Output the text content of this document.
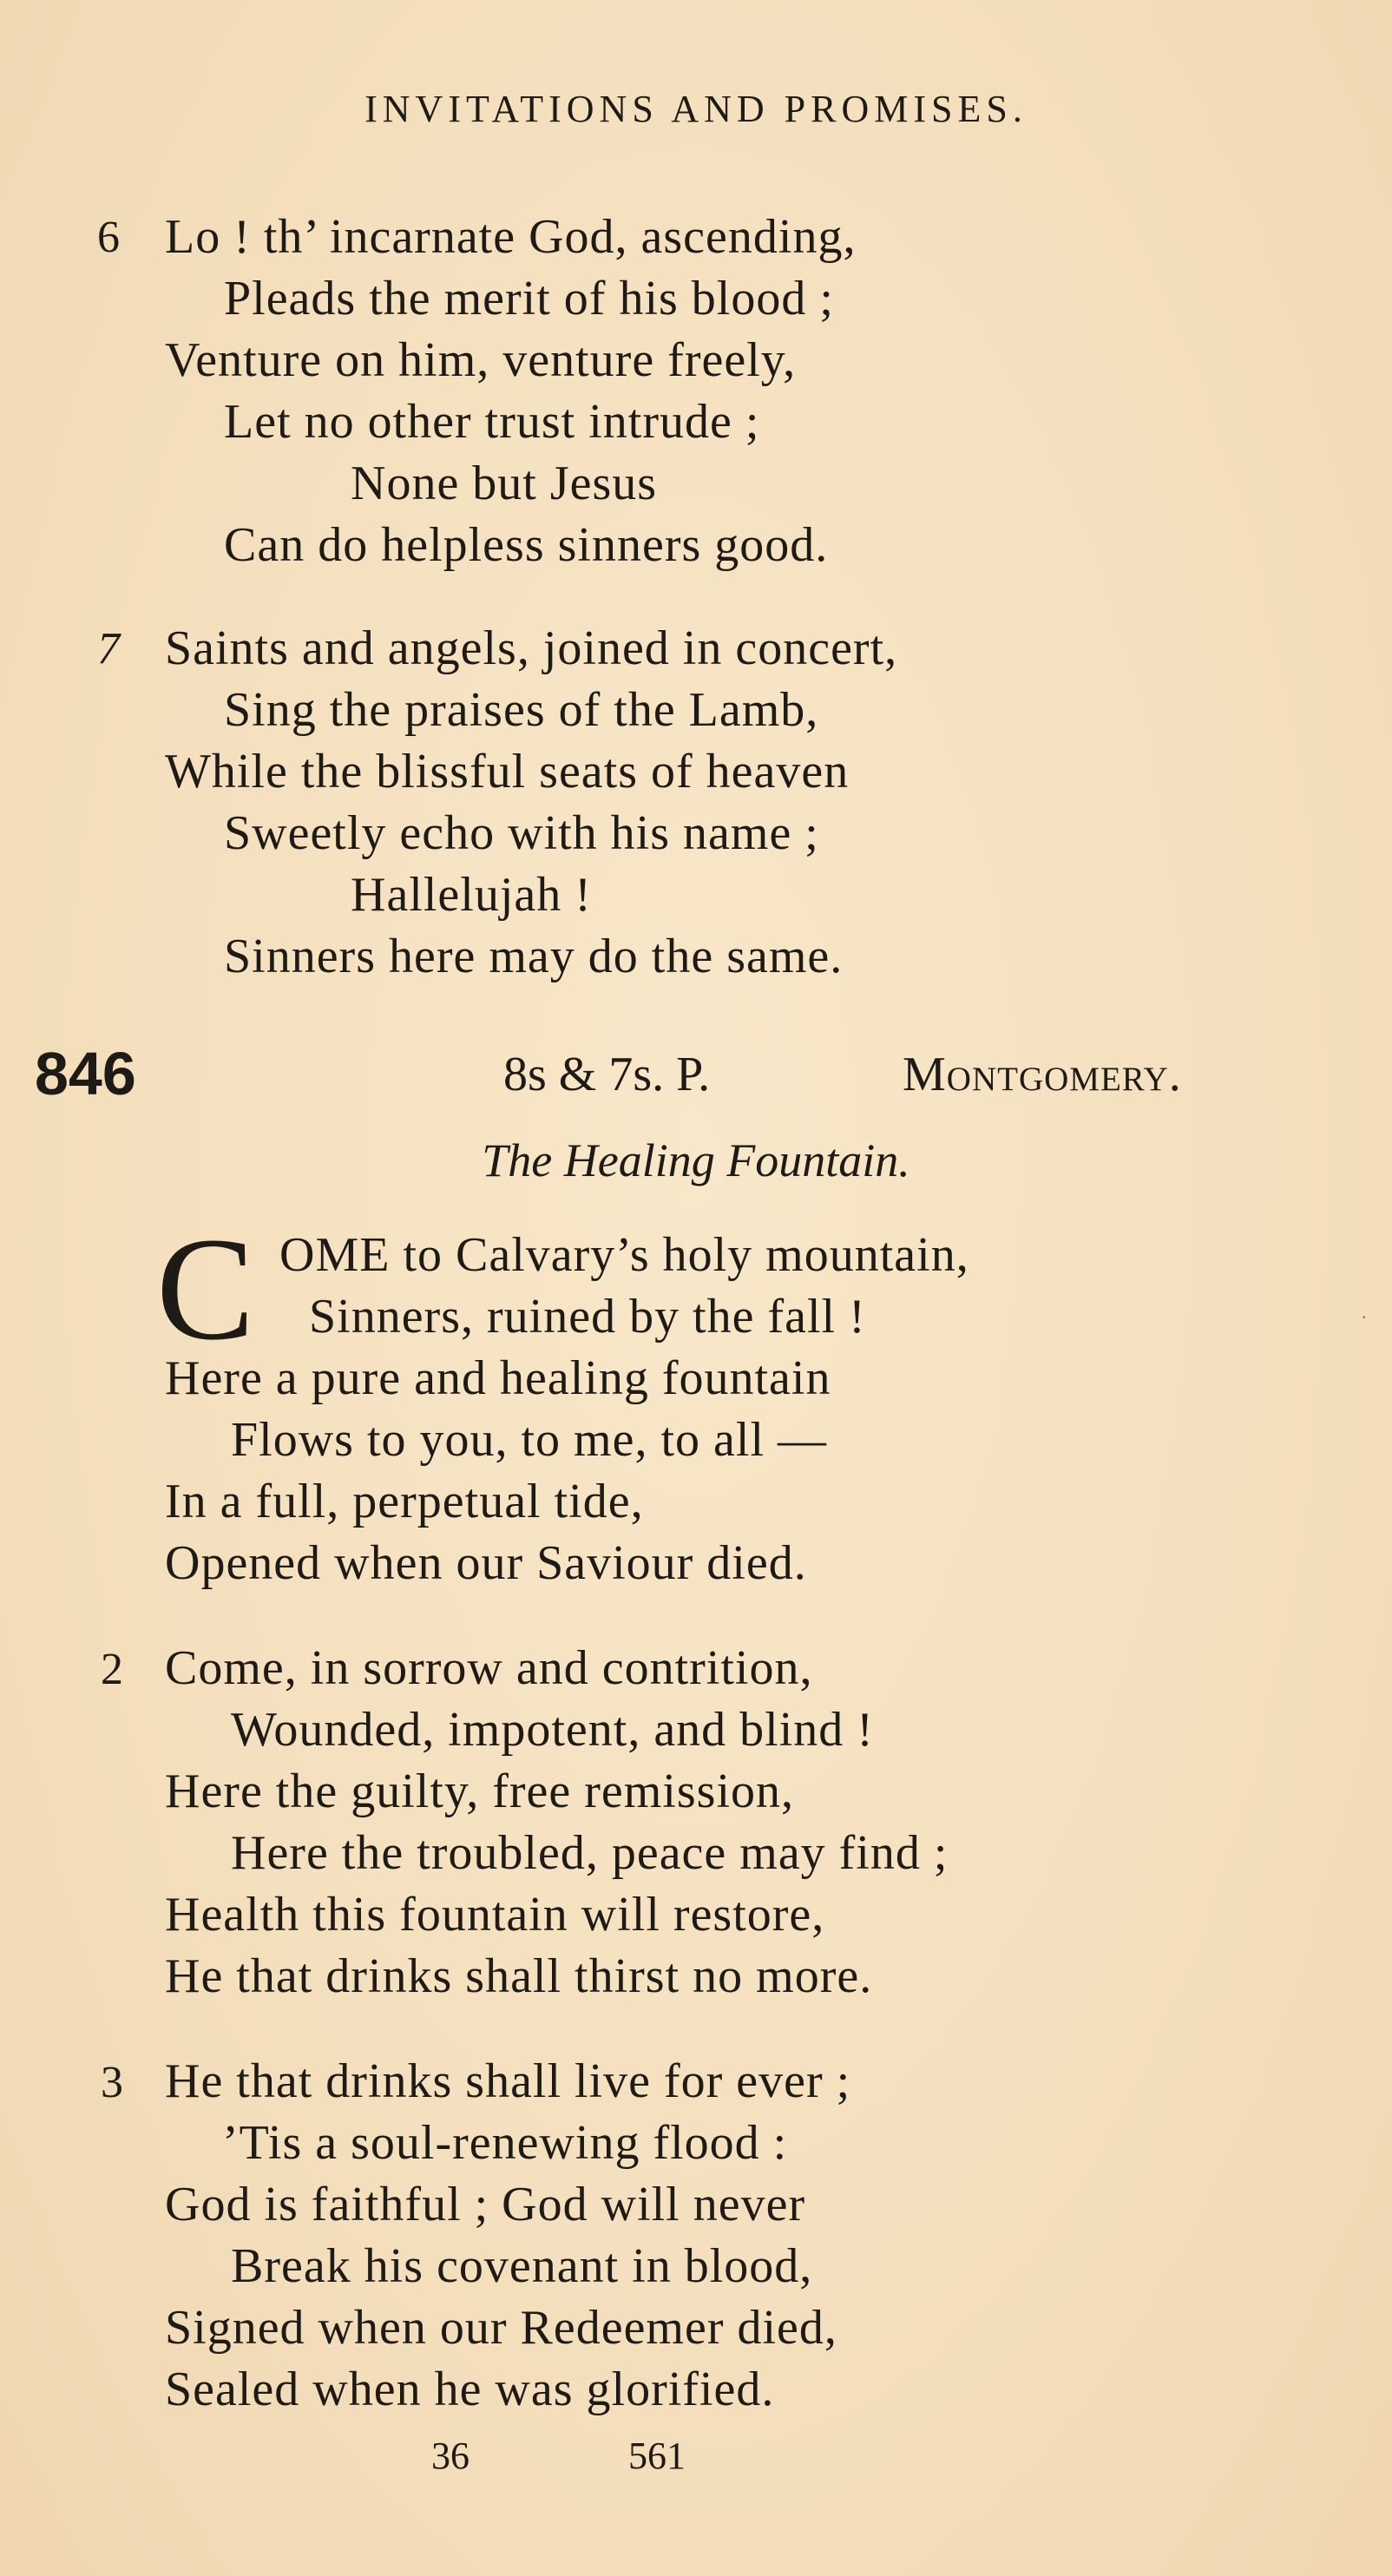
INVITATIONS AND PROMISES.
6 Lo ! th’ incarnate God, ascending,
Pleads the merit of his blood ;
Venture on him, venture freely,
Let no other trust intrude ;
None but Jesus
Can do helpless sinners good.
7 Saints and angels, joined in concert,
Sing the praises of the Lamb,
While the blissful seats of heaven
Sweetly echo with his name ;
Hallelujah !
Sinners here may do the same.
846	8s & 7s. P.	Montgomery.
The Healing Fountain.
C OME to Calvary’s holy mountain,
Sinners, ruined by the fall !
Here a pure and healing fountain
Flows to you, to me, to all —
In a full, perpetual tide,
Opened when our Saviour died.
2 Come, in sorrow and contrition,
Wounded, impotent, and blind !
Here the guilty, free remission,
Here the troubled, peace may find ;
Health this fountain will restore,
He that drinks shall thirst no more.
3 He that drinks shall live for ever ;
’Tis a soul-renewing flood :
God is faithful ; God will never
Break his covenant in blood,
Signed when our Redeemer died,
Sealed when he was glorified.
36	561
·
